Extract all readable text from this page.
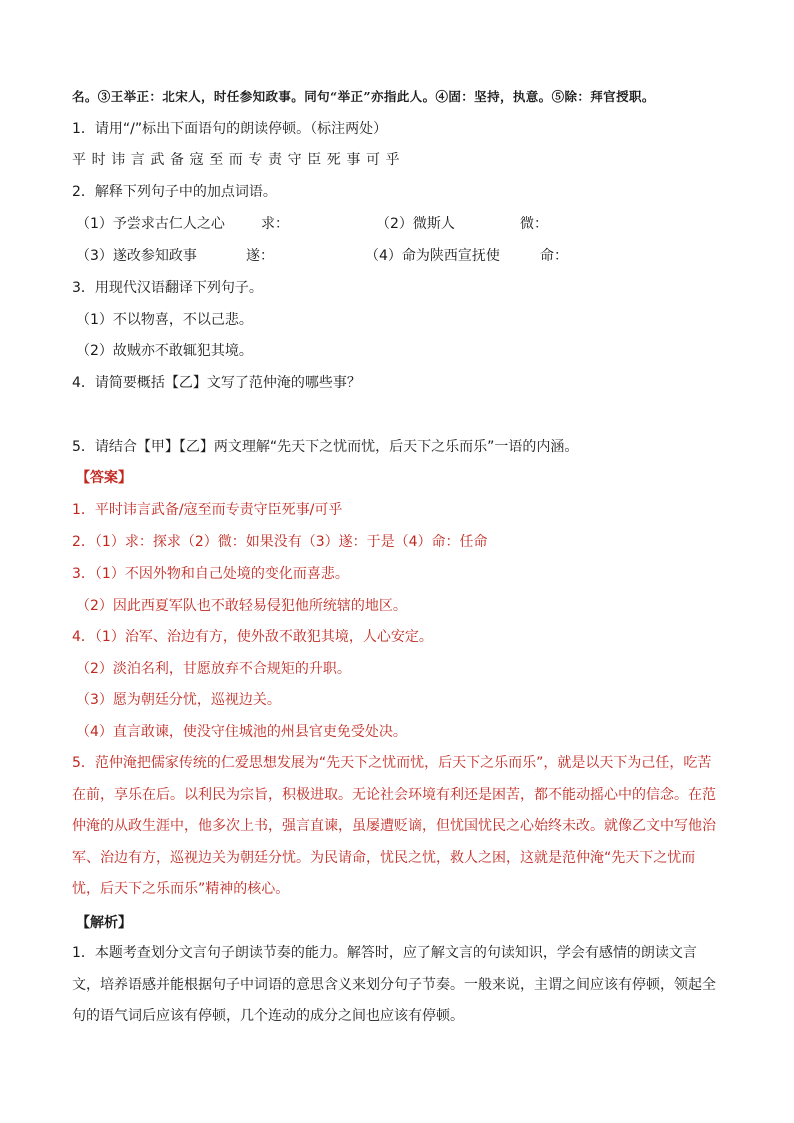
名。③王举正：北宋人，时任参知政事。同句“举正”亦指此人。④固：坚持，执意。⑤除：拜官授职。
1．请用“/”标出下面语句的朗读停顿。（标注两处）
平时讳言武备寇至而专责守臣死事可乎
2．解释下列句子中的加点词语。
（1）予尝求古仁人之心	求：	（2）微斯人	微：
（3）遂改参知政事	遂：	（4）命为陕西宣抚使	命：
3．用现代汉语翻译下列句子。
（1）不以物喜，不以己悲。
（2）故贼亦不敢辄犯其境。
4．请简要概括【乙】文写了范仲淹的哪些事？
5．请结合【甲】【乙】两文理解“先天下之忧而忧，后天下之乐而乐”一语的内涵。
【答案】
1．平时讳言武备/寇至而专责守臣死事/可乎
2．（1）求：探求（2）微：如果没有（3）遂：于是（4）命：任命
3．（1）不因外物和自己处境的变化而喜悲。
（2）因此西夏军队也不敢轻易侵犯他所统辖的地区。
4．（1）治军、治边有方，使外敌不敢犯其境，人心安定。
（2）淡泊名利，甘愿放弃不合规矩的升职。
（3）愿为朝廷分忧，巡视边关。
（4）直言敢谏，使没守住城池的州县官吏免受处决。
5．范仲淹把儒家传统的仁爱思想发展为“先天下之忧而忧，后天下之乐而乐”，就是以天下为己任，吃苦在前，享乐在后。以利民为宗旨，积极进取。无论社会环境有利还是困苦，都不能动摇心中的信念。在范仲淹的从政生涯中，他多次上书，强言直谏，虽屡遭贬谪，但忧国忧民之心始终未改。就像乙文中写他治军、治边有方，巡视边关为朝廷分忧。为民请命，忧民之忧，救人之困，这就是范仲淹“先天下之忧而忧，后天下之乐而乐”精神的核心。
【解析】
1．本题考查划分文言句子朗读节奏的能力。解答时，应了解文言的句读知识，学会有感情的朗读文言文，培养语感并能根据句子中词语的意思含义来划分句子节奏。一般来说，主谓之间应该有停顿，领起全句的语气词后应该有停顿，几个连动的成分之间也应该有停顿。
